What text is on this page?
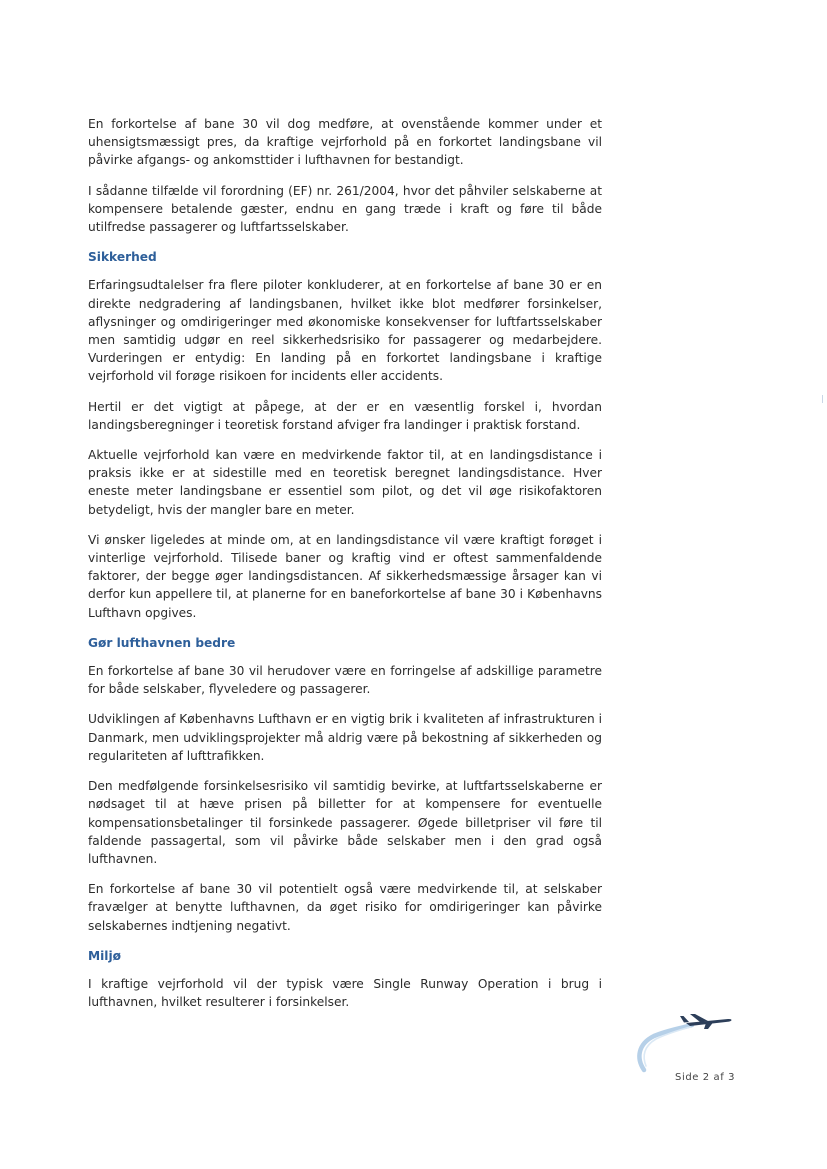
En forkortelse af bane 30 vil dog medføre, at ovenstående kommer under et uhensigtsmæssigt pres, da kraftige vejrforhold på en forkortet landingsbane vil påvirke afgangs- og ankomsttider i lufthavnen for bestandigt.

I sådanne tilfælde vil forordning (EF) nr. 261/2004, hvor det påhviler selskaberne at kompensere betalende gæster, endnu en gang træde i kraft og føre til både utilfredse passagerer og luftfartsselskaber.

Sikkerhed

Erfaringsudtalelser fra flere piloter konkluderer, at en forkortelse af bane 30 er en direkte nedgradering af landingsbanen, hvilket ikke blot medfører forsinkelser, aflysninger og omdirigeringer med økonomiske konsekvenser for luftfartsselskaber men samtidig udgør en reel sikkerhedsrisiko for passagerer og medarbejdere. Vurderingen er entydig: En landing på en forkortet landingsbane i kraftige vejrforhold vil forøge risikoen for incidents eller accidents.

Hertil er det vigtigt at påpege, at der er en væsentlig forskel i, hvordan landingsberegninger i teoretisk forstand afviger fra landinger i praktisk forstand.

Aktuelle vejrforhold kan være en medvirkende faktor til, at en landingsdistance i praksis ikke er at sidestille med en teoretisk beregnet landingsdistance. Hver eneste meter landingsbane er essentiel som pilot, og det vil øge risikofaktoren betydeligt, hvis der mangler bare en meter.

Vi ønsker ligeledes at minde om, at en landingsdistance vil være kraftigt forøget i vinterlige vejrforhold. Tilisede baner og kraftig vind er oftest sammenfaldende faktorer, der begge øger landingsdistancen. Af sikkerhedsmæssige årsager kan vi derfor kun appellere til, at planerne for en baneforkortelse af bane 30 i Københavns Lufthavn opgives.

Gør lufthavnen bedre

En forkortelse af bane 30 vil herudover være en forringelse af adskillige parametre for både selskaber, flyveledere og passagerer.

Udviklingen af Københavns Lufthavn er en vigtig brik i kvaliteten af infrastrukturen i Danmark, men udviklingsprojekter må aldrig være på bekostning af sikkerheden og regulariteten af lufttrafikken.

Den medfølgende forsinkelsesrisiko vil samtidig bevirke, at luftfartsselskaberne er nødsaget til at hæve prisen på billetter for at kompensere for eventuelle kompensationsbetalinger til forsinkede passagerer. Øgede billetpriser vil føre til faldende passagertal, som vil påvirke både selskaber men i den grad også lufthavnen.

En forkortelse af bane 30 vil potentielt også være medvirkende til, at selskaber fravælger at benytte lufthavnen, da øget risiko for omdirigeringer kan påvirke selskabernes indtjening negativt.

Miljø

I kraftige vejrforhold vil der typisk være Single Runway Operation i brug i lufthavnen, hvilket resulterer i forsinkelser.

Side 2 af 3
